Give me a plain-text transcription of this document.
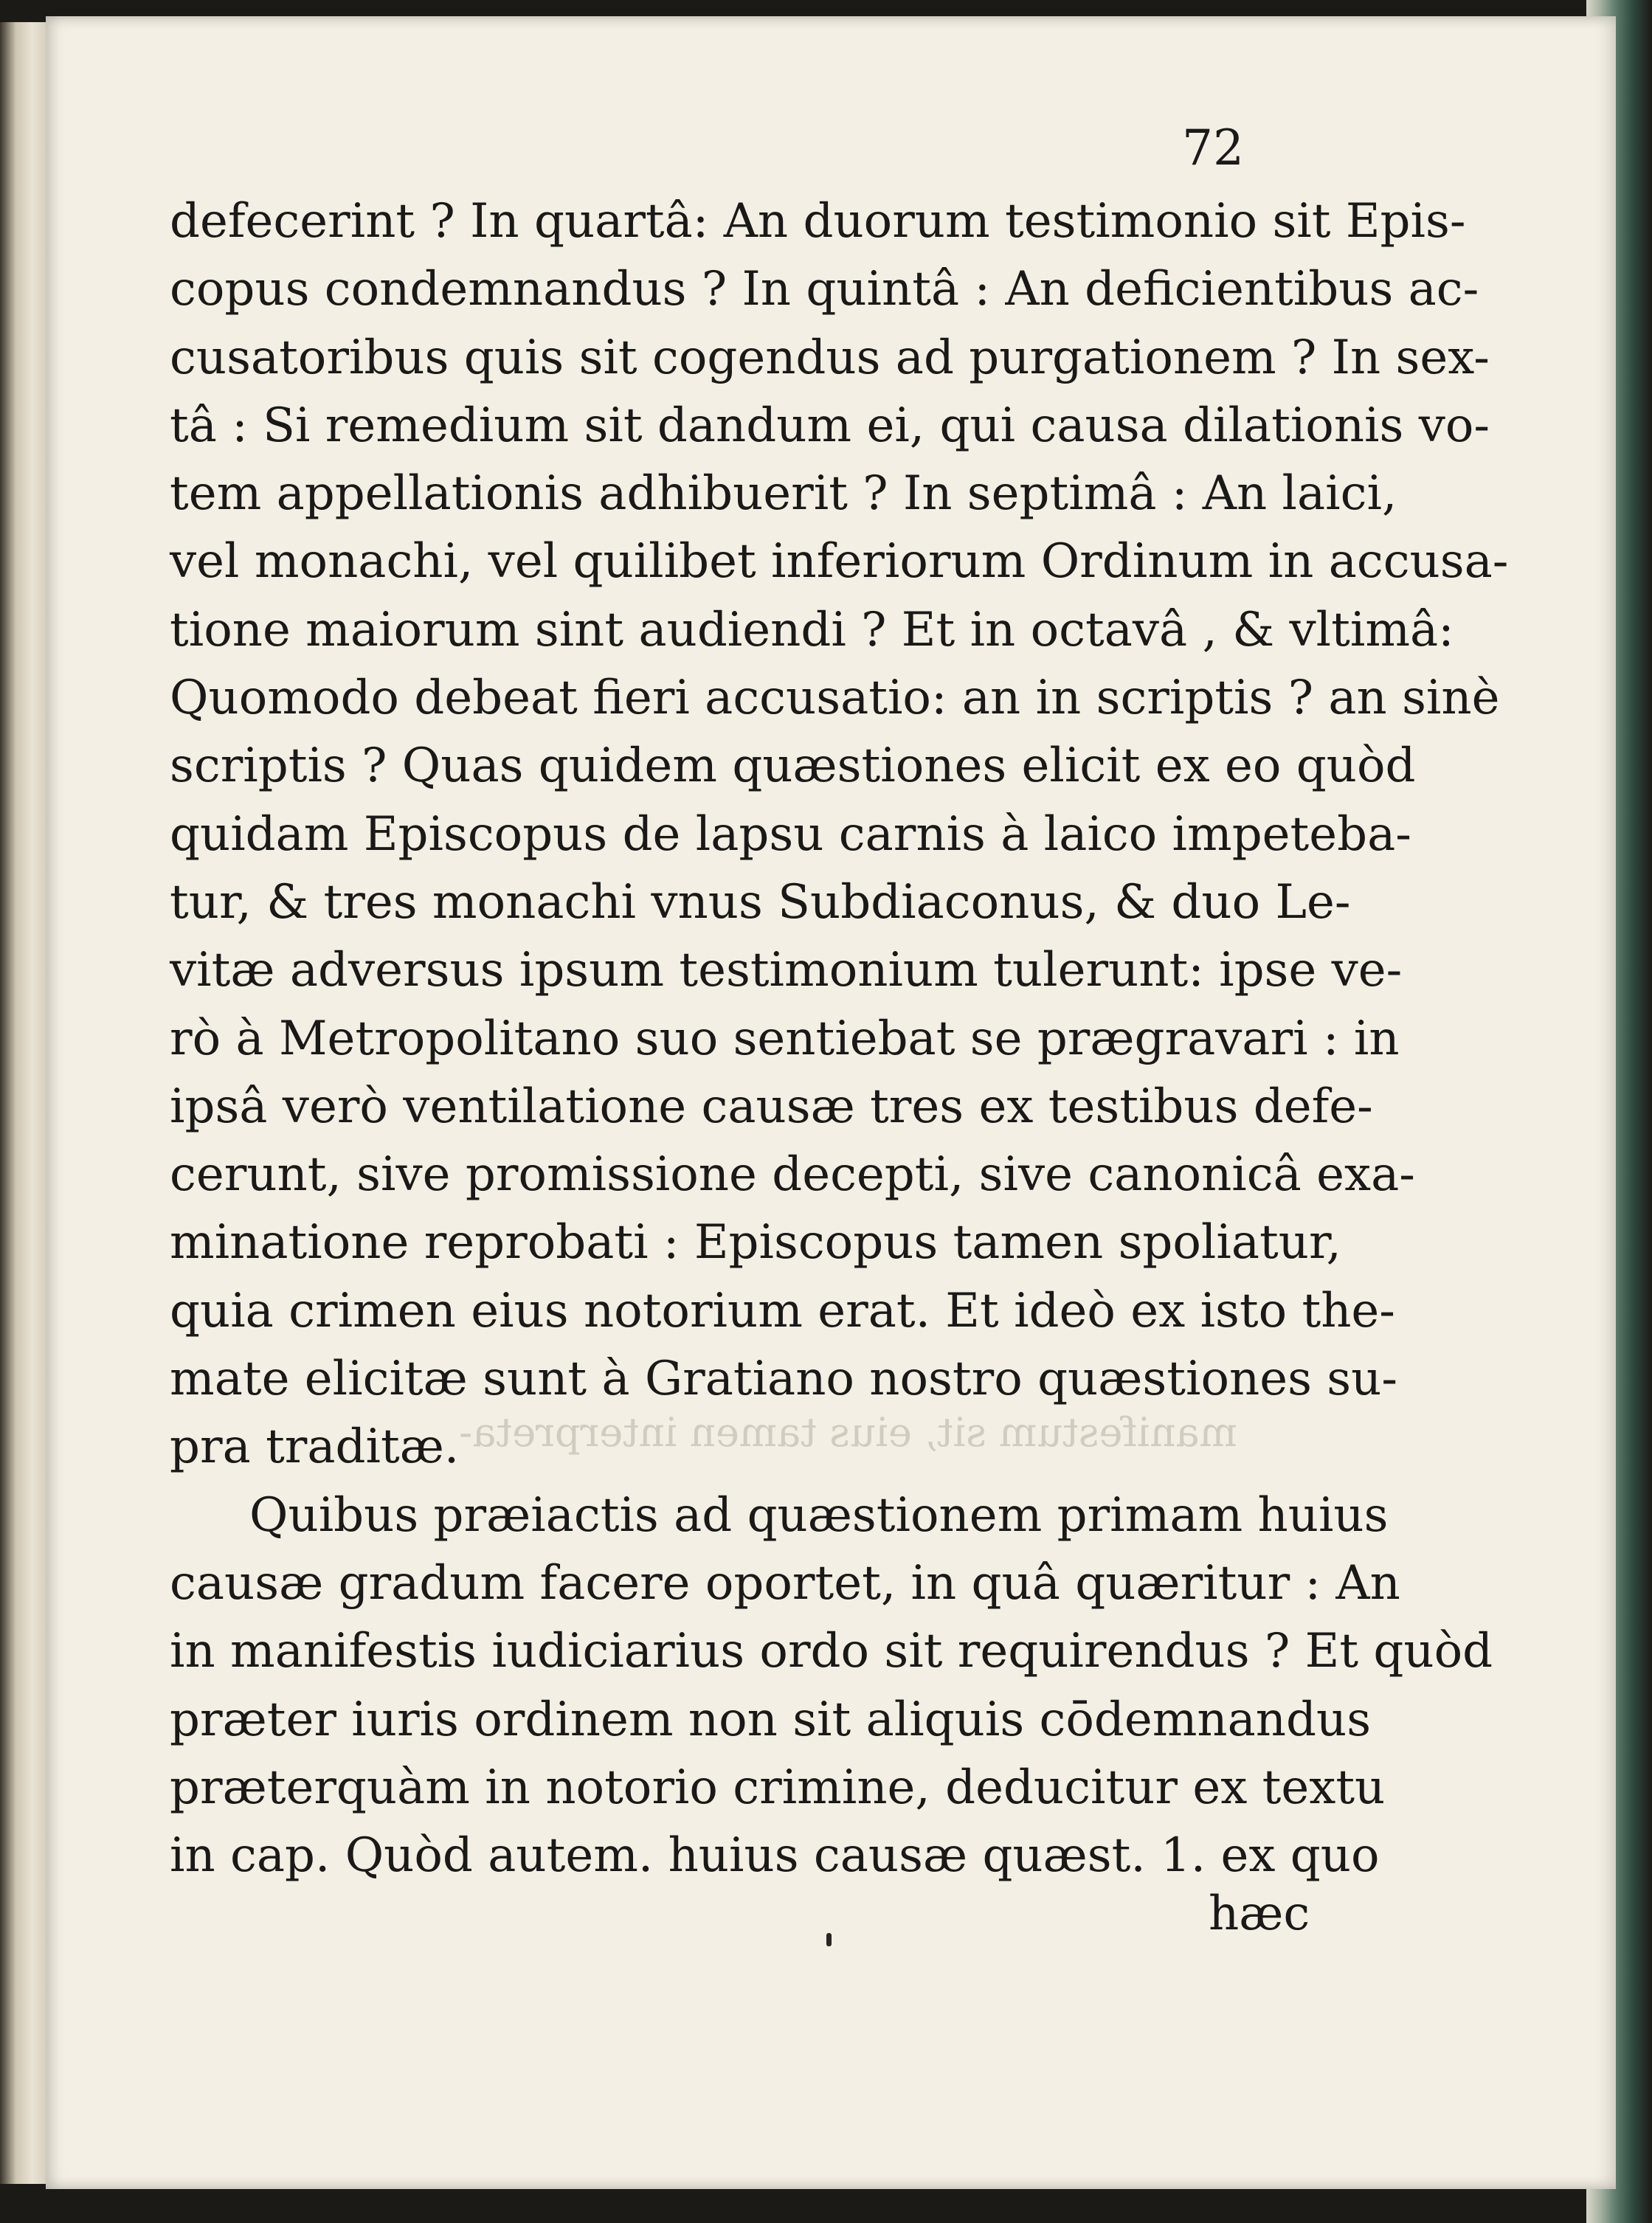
72

manifestum sit, eius tamen interpreta-

defecerint ? In quartâ: An duorum testimonio sit Epis-
copus condemnandus ? In quintâ : An deficientibus ac-
cusatoribus quis sit cogendus ad purgationem ? In sex-
tâ : Si remedium sit dandum ei, qui causa dilationis vo-
tem appellationis adhibuerit ? In septimâ : An laici,
vel monachi, vel quilibet inferiorum Ordinum in accusa-
tione maiorum sint audiendi ? Et in octavâ , & vltimâ:
Quomodo debeat fieri accusatio: an in scriptis ? an sinè
scriptis ? Quas quidem quæstiones elicit ex eo quòd
quidam Episcopus de lapsu carnis à laico impeteba-
tur, & tres monachi vnus Subdiaconus, & duo Le-
vitæ adversus ipsum testimonium tulerunt: ipse ve-
rò à Metropolitano suo sentiebat se prægravari : in
ipsâ verò ventilatione causæ tres ex testibus defe-
cerunt, sive promissione decepti, sive canonicâ exa-
minatione reprobati : Episcopus tamen spoliatur,
quia crimen eius notorium erat. Et ideò ex isto the-
mate elicitæ sunt à Gratiano nostro quæstiones su-
pra traditæ.
Quibus præiactis ad quæstionem primam huius
causæ gradum facere oportet, in quâ quæritur : An
in manifestis iudiciarius ordo sit requirendus ? Et quòd
præter iuris ordinem non sit aliquis cōdemnandus
præterquàm in notorio crimine, deducitur ex textu
in cap. Quòd autem. huius causæ quæst. 1. ex quo

hæc
